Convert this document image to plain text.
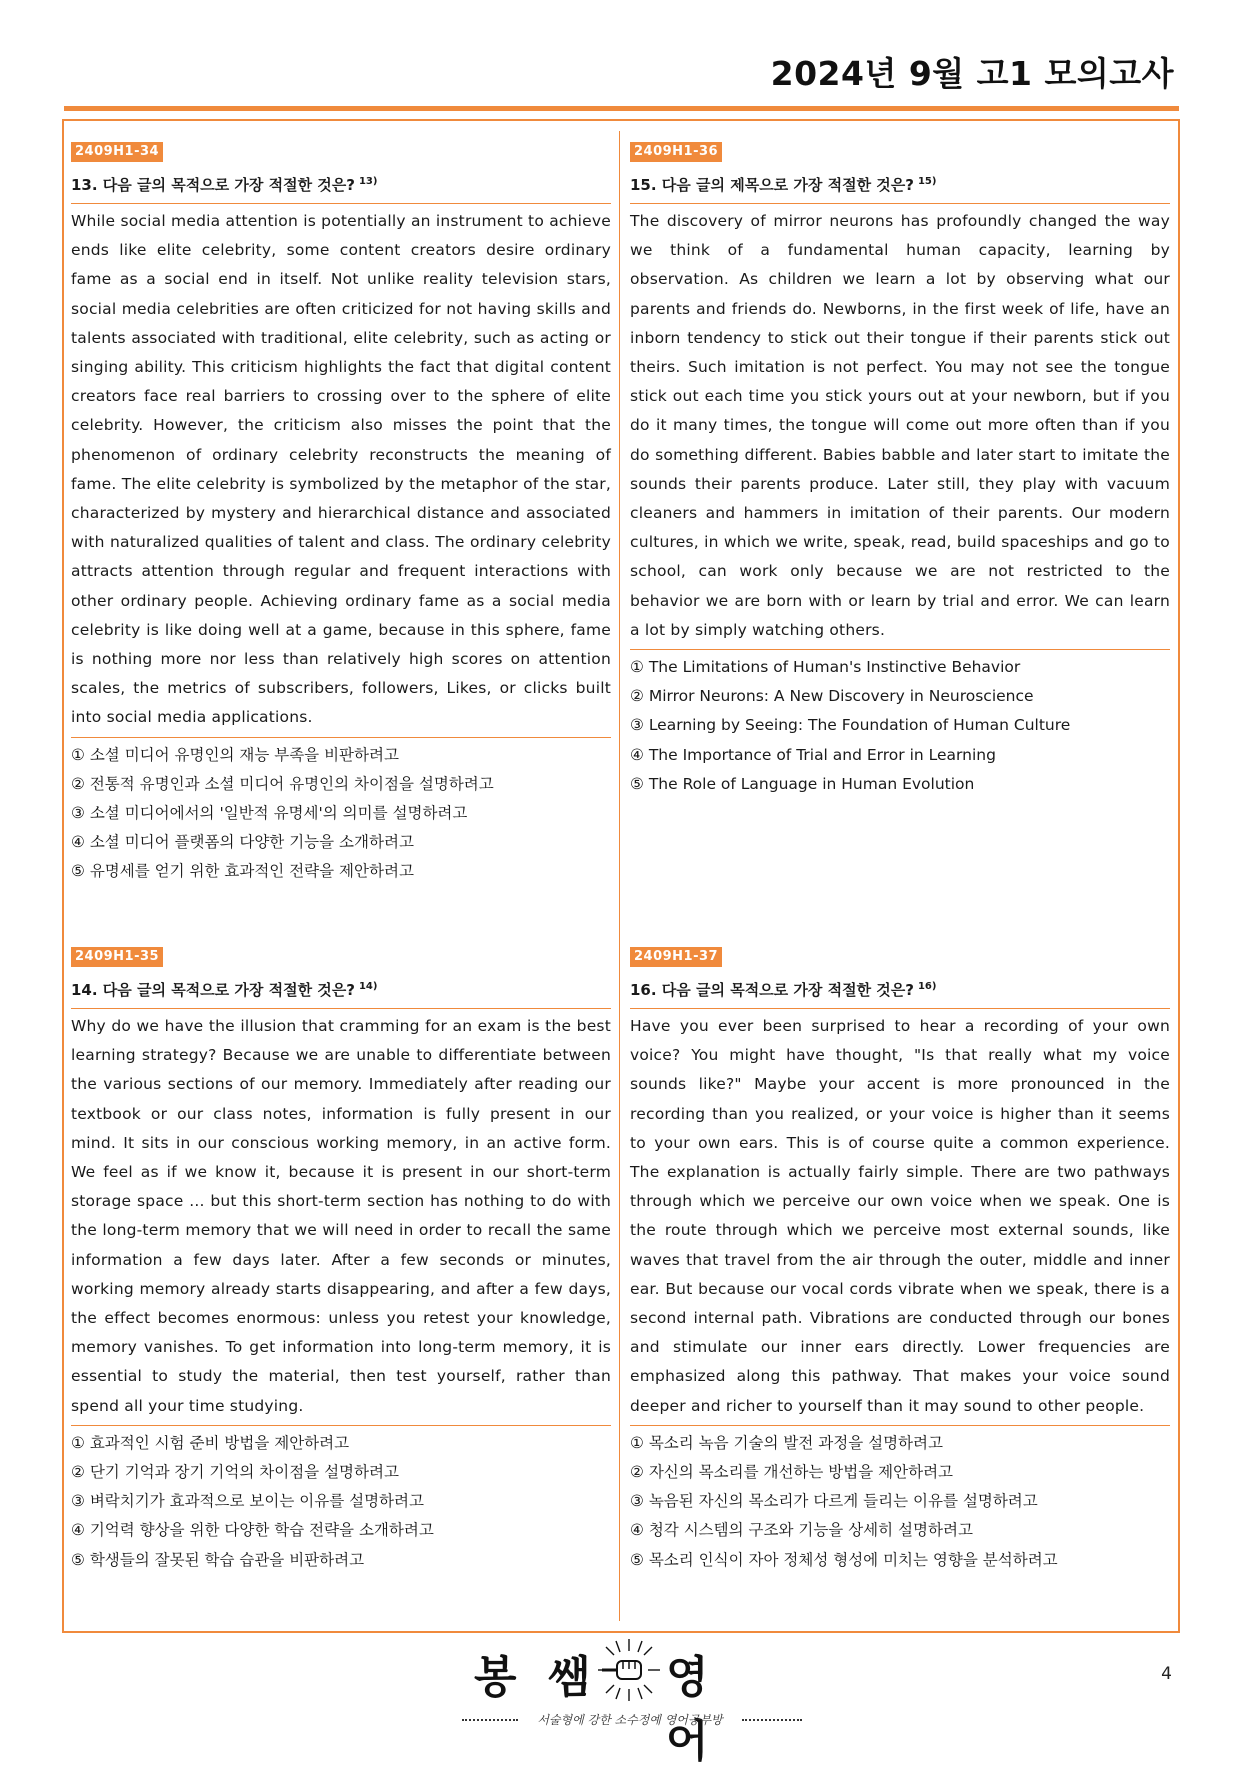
2024년 9월 고1 모의고사
2409H1-34
13. 다음 글의 목적으로 가장 적절한 것은? $^{13)}$
While social media attention is potentially an instrument to achieve ends like elite celebrity, some content creators desire ordinary fame as a social end in itself. Not unlike reality television stars, social media celebrities are often criticized for not having skills and talents associated with traditional, elite celebrity, such as acting or singing ability. This criticism highlights the fact that digital content creators face real barriers to crossing over to the sphere of elite celebrity. However, the criticism also misses the point that the phenomenon of ordinary celebrity reconstructs the meaning of fame. The elite celebrity is symbolized by the metaphor of the star, characterized by mystery and hierarchical distance and associated with naturalized qualities of talent and class. The ordinary celebrity attracts attention through regular and frequent interactions with other ordinary people. Achieving ordinary fame as a social media celebrity is like doing well at a game, because in this sphere, fame is nothing more nor less than relatively high scores on attention scales, the metrics of subscribers, followers, Likes, or clicks built into social media applications.
① 소셜 미디어 유명인의 재능 부족을 비판하려고
② 전통적 유명인과 소셜 미디어 유명인의 차이점을 설명하려고
③ 소셜 미디어에서의 '일반적 유명세'의 의미를 설명하려고
④ 소셜 미디어 플랫폼의 다양한 기능을 소개하려고
⑤ 유명세를 얻기 위한 효과적인 전략을 제안하려고
2409H1-36
15. 다음 글의 제목으로 가장 적절한 것은? $^{15)}$
The discovery of mirror neurons has profoundly changed the way we think of a fundamental human capacity, learning by observation. As children we learn a lot by observing what our parents and friends do. Newborns, in the first week of life, have an inborn tendency to stick out their tongue if their parents stick out theirs. Such imitation is not perfect. You may not see the tongue stick out each time you stick yours out at your newborn, but if you do it many times, the tongue will come out more often than if you do something different. Babies babble and later start to imitate the sounds their parents produce. Later still, they play with vacuum cleaners and hammers in imitation of their parents. Our modern cultures, in which we write, speak, read, build spaceships and go to school, can work only because we are not restricted to the behavior we are born with or learn by trial and error. We can learn a lot by simply watching others.
① The Limitations of Human's Instinctive Behavior
② Mirror Neurons: A New Discovery in Neuroscience
③ Learning by Seeing: The Foundation of Human Culture
④ The Importance of Trial and Error in Learning
⑤ The Role of Language in Human Evolution
2409H1-35
14. 다음 글의 목적으로 가장 적절한 것은? $^{14)}$
Why do we have the illusion that cramming for an exam is the best learning strategy? Because we are unable to differentiate between the various sections of our memory. Immediately after reading our textbook or our class notes, information is fully present in our mind. It sits in our conscious working memory, in an active form. We feel as if we know it, because it is present in our short-term storage space ... but this short-term section has nothing to do with the long-term memory that we will need in order to recall the same information a few days later. After a few seconds or minutes, working memory already starts disappearing, and after a few days, the effect becomes enormous: unless you retest your knowledge, memory vanishes. To get information into long-term memory, it is essential to study the material, then test yourself, rather than spend all your time studying.
① 효과적인 시험 준비 방법을 제안하려고
② 단기 기억과 장기 기억의 차이점을 설명하려고
③ 벼락치기가 효과적으로 보이는 이유를 설명하려고
④ 기억력 향상을 위한 다양한 학습 전략을 소개하려고
⑤ 학생들의 잘못된 학습 습관을 비판하려고
2409H1-37
16. 다음 글의 목적으로 가장 적절한 것은? $^{16)}$
Have you ever been surprised to hear a recording of your own voice? You might have thought, "Is that really what my voice sounds like?" Maybe your accent is more pronounced in the recording than you realized, or your voice is higher than it seems to your own ears. This is of course quite a common experience. The explanation is actually fairly simple. There are two pathways through which we perceive our own voice when we speak. One is the route through which we perceive most external sounds, like waves that travel from the air through the outer, middle and inner ear. But because our vocal cords vibrate when we speak, there is a second internal path. Vibrations are conducted through our bones and stimulate our inner ears directly. Lower frequencies are emphasized along this pathway. That makes your voice sound deeper and richer to yourself than it may sound to other people.
① 목소리 녹음 기술의 발전 과정을 설명하려고
② 자신의 목소리를 개선하는 방법을 제안하려고
③ 녹음된 자신의 목소리가 다르게 들리는 이유를 설명하려고
④ 청각 시스템의 구조와 기능을 상세히 설명하려고
⑤ 목소리 인식이 자아 정체성 형성에 미치는 영향을 분석하려고
봉 쌤 영 어
서술형에 강한 소수정예 영어공부방
4
